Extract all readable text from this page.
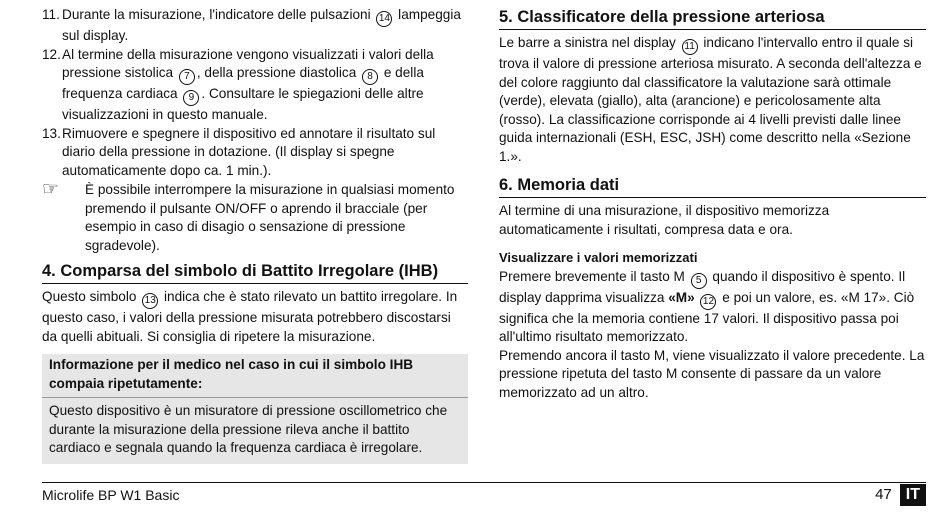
11. Durante la misurazione, l'indicatore delle pulsazioni 14 lampeggia sul display.
12. Al termine della misurazione vengono visualizzati i valori della pressione sistolica 7 , della pressione diastolica 8 e della frequenza cardiaca 9 . Consultare le spiegazioni delle altre visualizzazioni in questo manuale.
13. Rimuovere e spegnere il dispositivo ed annotare il risultato sul diario della pressione in dotazione. (Il display si spegne automaticamente dopo ca. 1 min.).
☞	È possibile interrompere la misurazione in qualsiasi momento premendo il pulsante ON/OFF o aprendo il bracciale (per esempio in caso di disagio o sensazione di pressione sgradevole).
4. Comparsa del simbolo di Battito Irregolare (IHB)

Questo simbolo 13 indica che è stato rilevato un battito irregolare. In questo caso, i valori della pressione misurata potrebbero discostarsi da quelli abituali. Si consiglia di ripetere la misurazione.

Informazione per il medico nel caso in cui il simbolo IHB compaia ripetutamente:
Questo dispositivo è un misuratore di pressione oscillometrico che durante la misurazione della pressione rileva anche il battito cardiaco e segnala quando la frequenza cardiaca è irregolare.
5. Classificatore della pressione arteriosa

Le barre a sinistra nel display 11 indicano l'intervallo entro il quale si trova il valore di pressione arteriosa misurato. A seconda dell'altezza e del colore raggiunto dal classificatore la valutazione sarà ottimale (verde), elevata (giallo), alta (arancione) e pericolosamente alta (rosso). La classificazione corrisponde ai 4 livelli previsti dalle linee guida internazionali (ESH, ESC, JSH) come descritto nella «Sezione 1.».

6. Memoria dati

Al termine di una misurazione, il dispositivo memorizza automaticamente i risultati, compresa data e ora.

Visualizzare i valori memorizzati

Premere brevemente il tasto M 5 quando il dispositivo è spento. Il display dapprima visualizza «M» 12 e poi un valore, es. «M 17». Ciò significa che la memoria contiene 17 valori. Il dispositivo passa poi all'ultimo risultato memorizzato.

Premendo ancora il tasto M, viene visualizzato il valore precedente. La pressione ripetuta del tasto M consente di passare da un valore memorizzato ad un altro.

Microlife BP W1 Basic	47 IT
